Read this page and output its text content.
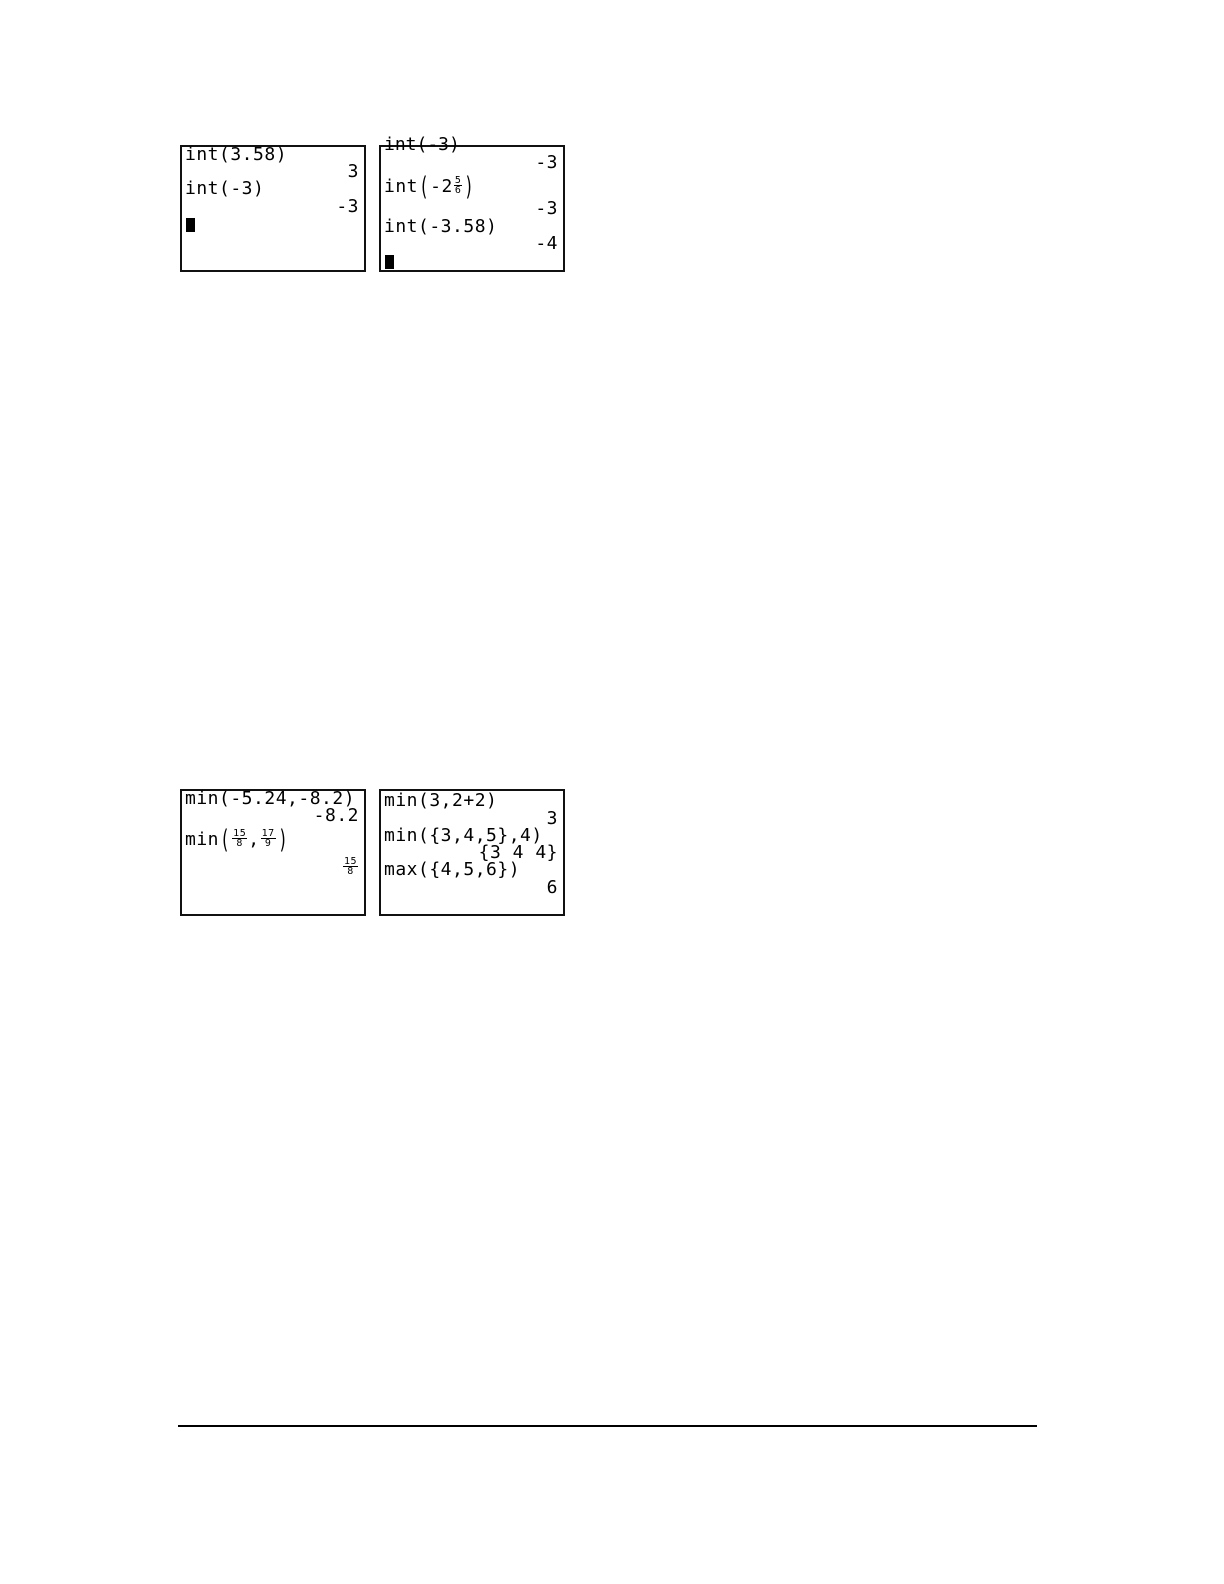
int(3.58)
3
int(-3)
-3
int(-3)
-3
$int(-2 \frac{5}{6}$ )
-3
int(-3.58)
-4
min(-5.24,-8.2)
-8.2
$\min( \frac{15}{8}$ , $\frac{17}{9}$ )
$\frac{15}{8}$
min(3,2+2)
3
min({3,4,5},4)
{3 4 4}
max({4,5,6})
6
